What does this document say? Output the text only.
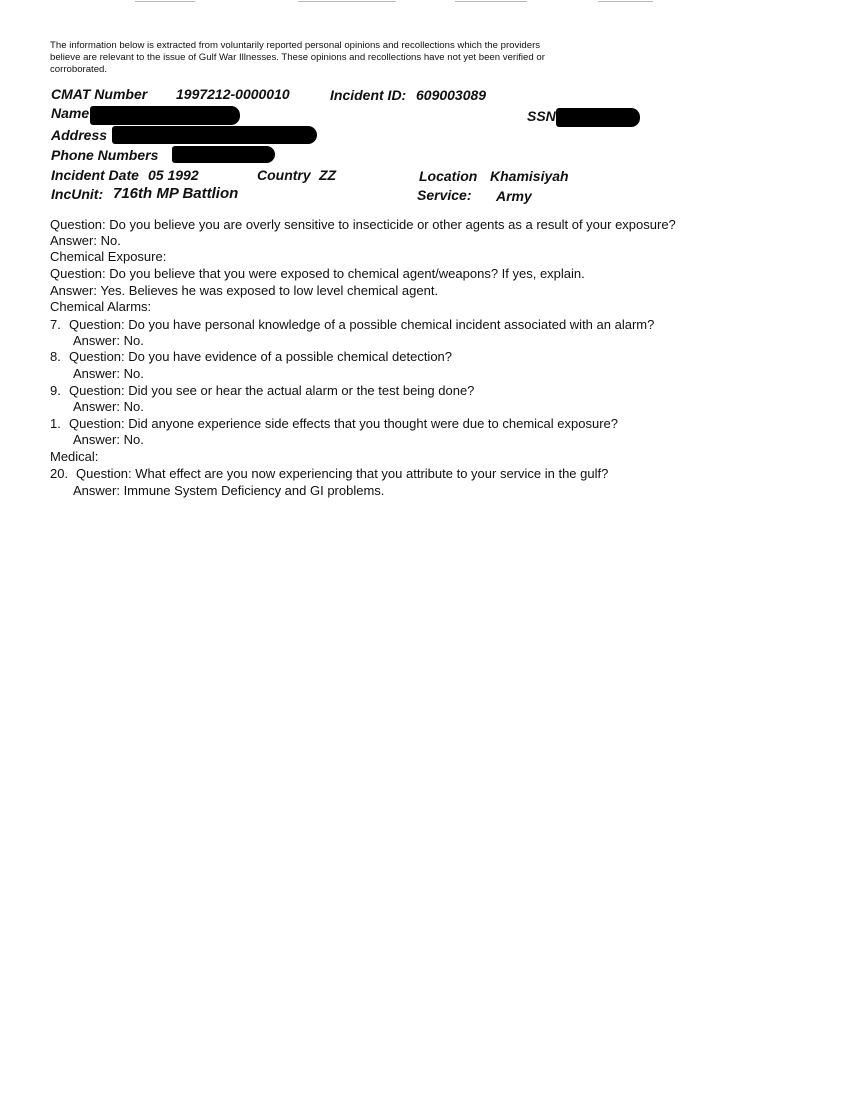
The information below is extracted from voluntarily reported personal opinions and recollections which the providers believe are relevant to the issue of Gulf War Illnesses. These opinions and recollections have not yet been verified or corroborated.
CMAT Number 1997212-0000010	Incident ID: 609003089
Name	SSN
Address
Phone Numbers
Incident Date 05 1992	Country ZZ	Location Khamisiyah
IncUnit: 716th MP Battlion	Service: Army
Question: Do you believe you are overly sensitive to insecticide or other agents as a result of your exposure?
Answer: No.
Chemical Exposure:
Question: Do you believe that you were exposed to chemical agent/weapons? If yes, explain.
Answer: Yes. Believes he was exposed to low level chemical agent.
Chemical Alarms:
7. Question: Do you have personal knowledge of a possible chemical incident associated with an alarm?
Answer: No.
8. Question: Do you have evidence of a possible chemical detection?
Answer: No.
9. Question: Did you see or hear the actual alarm or the test being done?
Answer: No.
1. Question: Did anyone experience side effects that you thought were due to chemical exposure?
Answer: No.
Medical:
20. Question: What effect are you now experiencing that you attribute to your service in the gulf?
Answer: Immune System Deficiency and GI problems.
